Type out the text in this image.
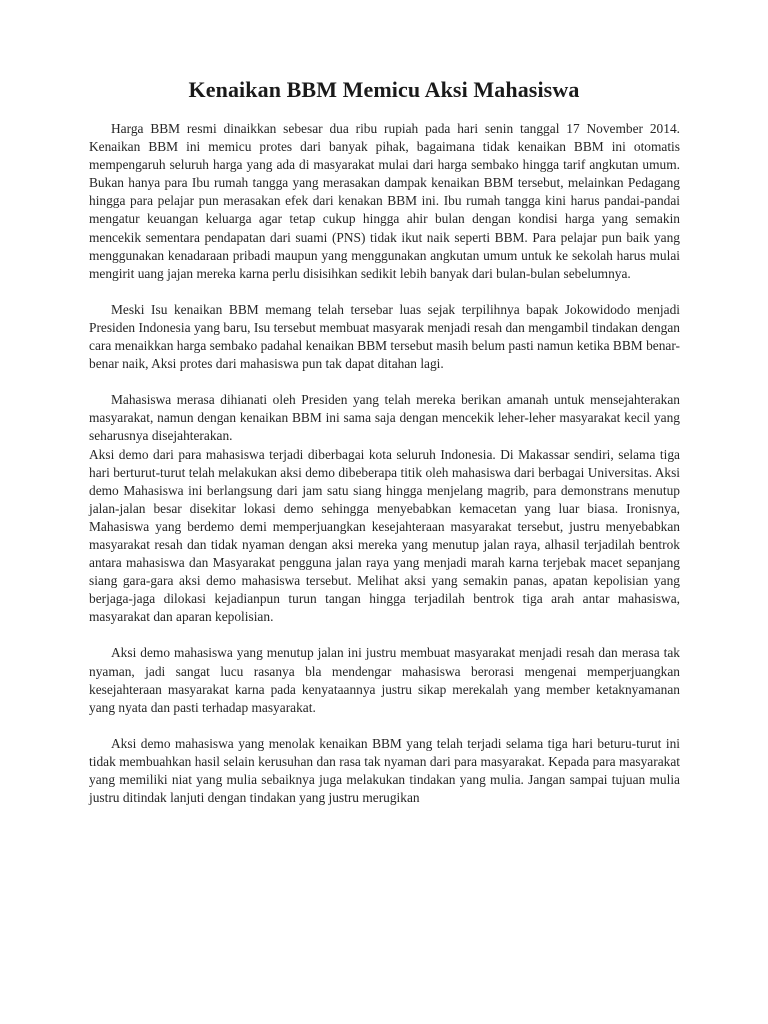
Kenaikan BBM Memicu Aksi Mahasiswa

Harga BBM resmi dinaikkan sebesar dua ribu rupiah pada hari senin tanggal 17 November 2014. Kenaikan BBM ini memicu protes dari banyak pihak, bagaimana tidak kenaikan BBM ini otomatis mempengaruh seluruh harga yang ada di masyarakat mulai dari harga sembako hingga tarif angkutan umum. Bukan hanya para Ibu rumah tangga yang merasakan dampak kenaikan BBM tersebut, melainkan Pedagang hingga para pelajar pun merasakan efek dari kenakan BBM ini. Ibu rumah tangga kini harus pandai-pandai mengatur keuangan keluarga agar tetap cukup hingga ahir bulan dengan kondisi harga yang semakin mencekik sementara pendapatan dari suami (PNS) tidak ikut naik seperti BBM. Para pelajar pun baik yang menggunakan kenadaraan pribadi maupun yang menggunakan angkutan umum untuk ke sekolah harus mulai mengirit uang jajan mereka karna perlu disisihkan sedikit lebih banyak dari bulan-bulan sebelumnya.

Meski Isu kenaikan BBM memang telah tersebar luas sejak terpilihnya bapak Jokowidodo menjadi Presiden Indonesia yang baru, Isu tersebut membuat masyarak menjadi resah dan mengambil tindakan dengan cara menaikkan harga sembako padahal kenaikan BBM tersebut masih belum pasti namun ketika BBM benar-benar naik, Aksi protes dari mahasiswa pun tak dapat ditahan lagi.

Mahasiswa merasa dihianati oleh Presiden yang telah mereka berikan amanah untuk mensejahterakan masyarakat, namun dengan kenaikan BBM ini sama saja dengan mencekik leher-leher masyarakat kecil yang seharusnya disejahterakan.

Aksi demo dari para mahasiswa terjadi diberbagai kota seluruh Indonesia. Di Makassar sendiri, selama tiga hari berturut-turut telah melakukan aksi demo dibeberapa titik oleh mahasiswa dari berbagai Universitas. Aksi demo Mahasiswa ini berlangsung dari jam satu siang hingga menjelang magrib, para demonstrans menutup jalan-jalan besar disekitar lokasi demo sehingga menyebabkan kemacetan yang luar biasa. Ironisnya, Mahasiswa yang berdemo demi memperjuangkan kesejahteraan masyarakat tersebut, justru menyebabkan masyarakat resah dan tidak nyaman dengan aksi mereka yang menutup jalan raya, alhasil terjadilah bentrok antara mahasiswa dan Masyarakat pengguna jalan raya yang menjadi marah karna terjebak macet sepanjang siang gara-gara aksi demo mahasiswa tersebut. Melihat aksi yang semakin panas, apatan kepolisian yang berjaga-jaga dilokasi kejadianpun turun tangan hingga terjadilah bentrok tiga arah antar mahasiswa, masyarakat dan aparan kepolisian.

Aksi demo mahasiswa yang menutup jalan ini justru membuat masyarakat menjadi resah dan merasa tak nyaman, jadi sangat lucu rasanya bla mendengar mahasiswa berorasi mengenai memperjuangkan kesejahteraan masyarakat karna pada kenyataannya justru sikap merekalah yang member ketaknyamanan yang nyata dan pasti terhadap masyarakat.

Aksi demo mahasiswa yang menolak kenaikan BBM yang telah terjadi selama tiga hari beturu-turut ini tidak membuahkan hasil selain kerusuhan dan rasa tak nyaman dari para masyarakat. Kepada para masyarakat yang memiliki niat yang mulia sebaiknya juga melakukan tindakan yang mulia. Jangan sampai tujuan mulia justru ditindak lanjuti dengan tindakan yang justru merugikan
